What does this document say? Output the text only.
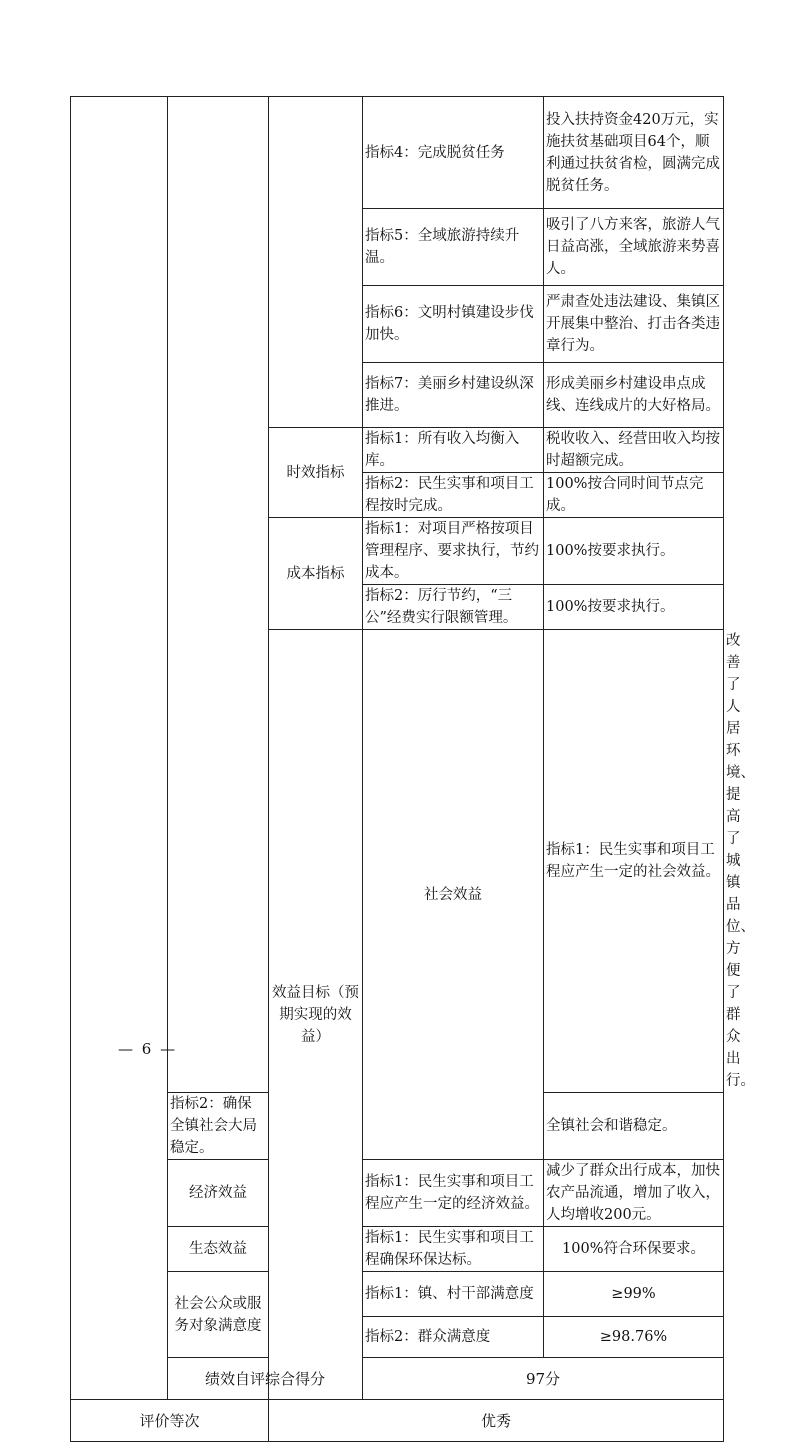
			指标4：完成脱贫任务	投入扶持资金420万元，实施扶贫基础项目64个，顺利通过扶贫省检，圆满完成脱贫任务。	
			指标5：全域旅游持续升温。	吸引了八方来客，旅游人气日益高涨，全域旅游来势喜人。	
			指标6：文明村镇建设步伐加快。	严肃查处违法建设、集镇区开展集中整治、打击各类违章行为。	
			指标7：美丽乡村建设纵深推进。	形成美丽乡村建设串点成线、连线成片的大好格局。	
		时效指标	指标1：所有收入均衡入库。	税收收入、经营田收入均按时超额完成。	
			指标2：民生实事和项目工程按时完成。	100%按合同时间节点完成。	
		成本指标	指标1：对项目严格按项目管理程序、要求执行，节约成本。	100%按要求执行。	
			指标2：厉行节约，“三公”经费实行限额管理。	100%按要求执行。	
		效益目标（预期实现的效益）	社会效益	指标1：民生实事和项目工程应产生一定的社会效益。	改善了人居环境、提高了城镇品位、方便了群众出行。
	指标2：确保全镇社会大局稳定。			全镇社会和谐稳定。	
	经济效益		指标1：民生实事和项目工程应产生一定的经济效益。	减少了群众出行成本，加快农产品流通，增加了收入，人均增收200元。	
	生态效益		指标1：民生实事和项目工程确保环保达标。	100%符合环保要求。	
	社会公众或服务对象满意度		指标1：镇、村干部满意度	≥99%	
			指标2：群众满意度	≥98.76%	
	绩效自评综合得分		97分		
评价等次		优秀			
— 6 —
